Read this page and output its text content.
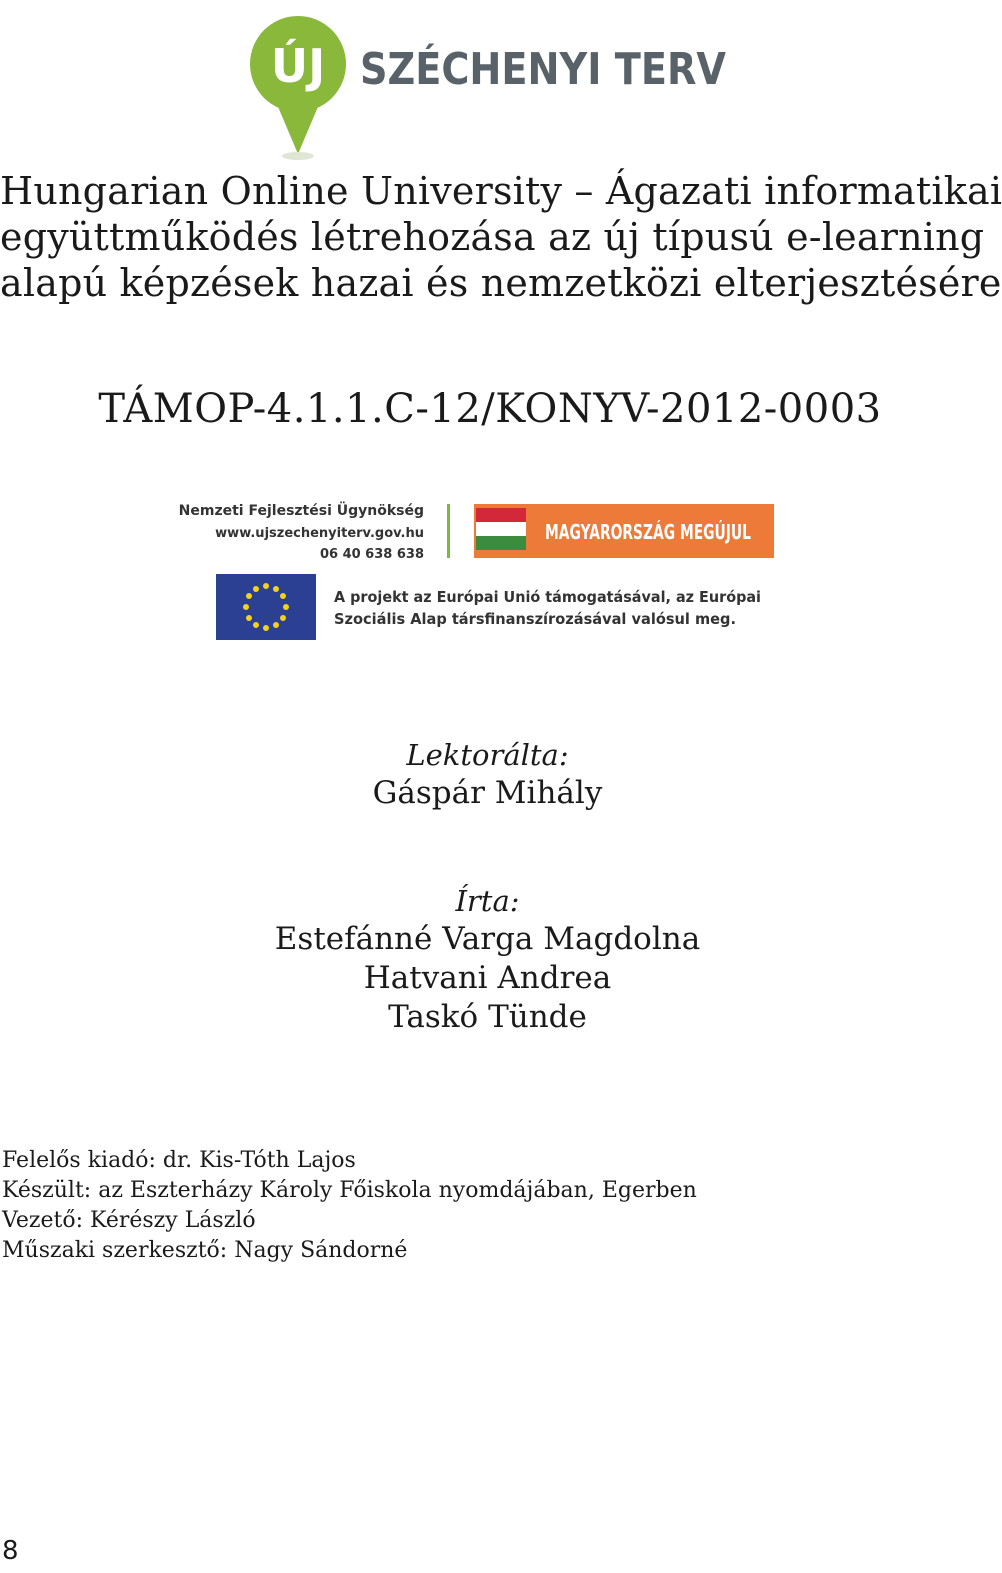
ÚJ SZÉCHENYI TERV
Hungarian Online University – Ágazati informatikai
együttműködés létrehozása az új típusú e-learning
alapú képzések hazai és nemzetközi elterjesztésére
TÁMOP-4.1.1.C-12/KONYV-2012-0003
Nemzeti Fejlesztési Ügynökség
www.ujszechenyiterv.gov.hu
06 40 638 638
MAGYARORSZÁG MEGÚJUL
A projekt az Európai Unió támogatásával, az Európai
Szociális Alap társfinanszírozásával valósul meg.
Lektorálta:
Gáspár Mihály
Írta:
Estefánné Varga Magdolna
Hatvani Andrea
Taskó Tünde
Felelős kiadó: dr. Kis-Tóth Lajos
Készült: az Eszterházy Károly Főiskola nyomdájában, Egerben
Vezető: Kérészy László
Műszaki szerkesztő: Nagy Sándorné
8
